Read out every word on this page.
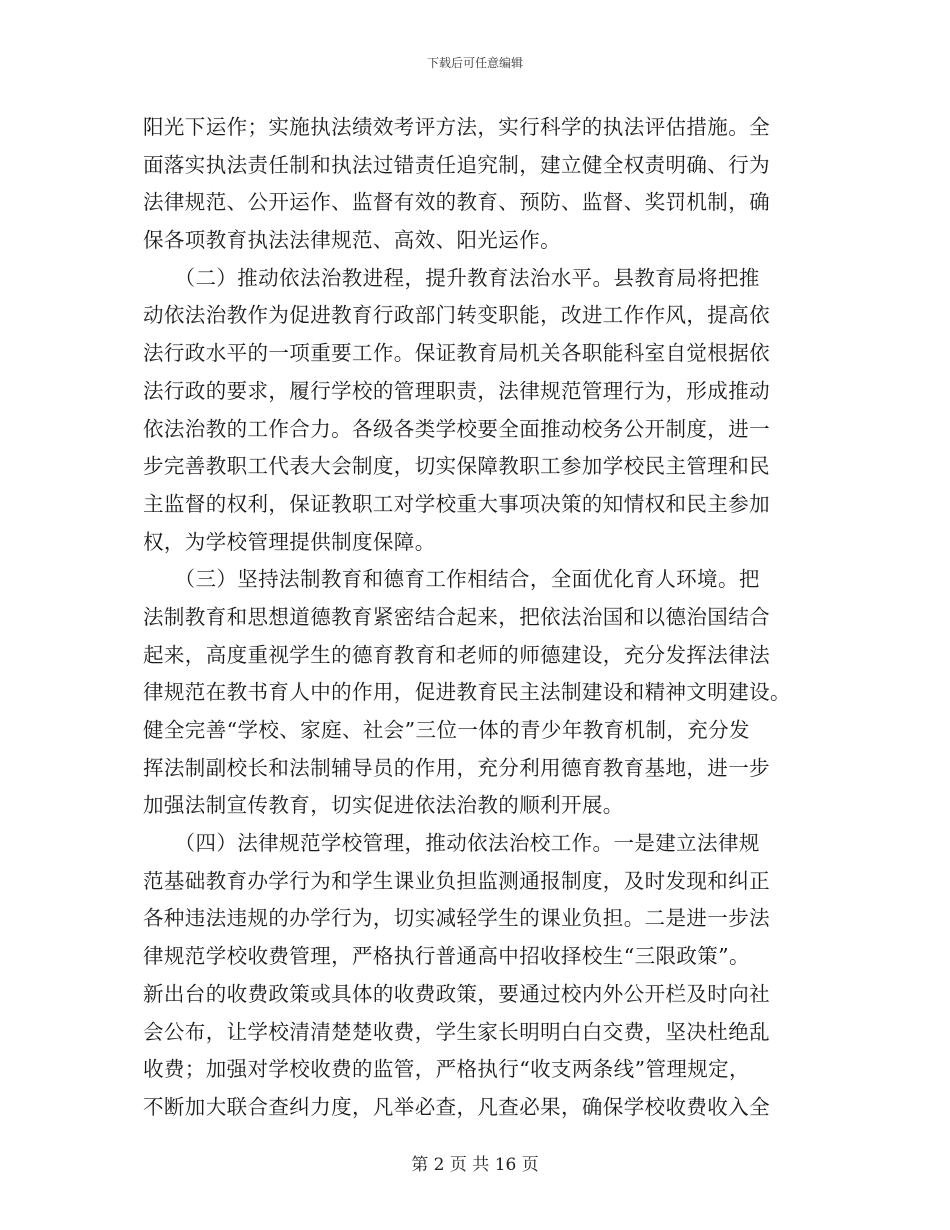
下载后可任意编辑
阳光下运作；实施执法绩效考评方法，实行科学的执法评估措施。全
面落实执法责任制和执法过错责任追究制，建立健全权责明确、行为
法律规范、公开运作、监督有效的教育、预防、监督、奖罚机制，确
保各项教育执法法律规范、高效、阳光运作。
　　（二）推动依法治教进程，提升教育法治水平。县教育局将把推
动依法治教作为促进教育行政部门转变职能，改进工作作风，提高依
法行政水平的一项重要工作。保证教育局机关各职能科室自觉根据依
法行政的要求，履行学校的管理职责，法律规范管理行为，形成推动
依法治教的工作合力。各级各类学校要全面推动校务公开制度，进一
步完善教职工代表大会制度，切实保障教职工参加学校民主管理和民
主监督的权利，保证教职工对学校重大事项决策的知情权和民主参加
权，为学校管理提供制度保障。
　　（三）坚持法制教育和德育工作相结合，全面优化育人环境。把
法制教育和思想道德教育紧密结合起来，把依法治国和以德治国结合
起来，高度重视学生的德育教育和老师的师德建设，充分发挥法律法
律规范在教书育人中的作用，促进教育民主法制建设和精神文明建设。
健全完善“学校、家庭、社会”三位一体的青少年教育机制，充分发
挥法制副校长和法制辅导员的作用，充分利用德育教育基地，进一步
加强法制宣传教育，切实促进依法治教的顺利开展。
　　（四）法律规范学校管理，推动依法治校工作。一是建立法律规
范基础教育办学行为和学生课业负担监测通报制度，及时发现和纠正
各种违法违规的办学行为，切实减轻学生的课业负担。二是进一步法
律规范学校收费管理，严格执行普通高中招收择校生“三限政策”。
新出台的收费政策或具体的收费政策，要通过校内外公开栏及时向社
会公布，让学校清清楚楚收费，学生家长明明白白交费，坚决杜绝乱
收费；加强对学校收费的监管，严格执行“收支两条线”管理规定，
不断加大联合查纠力度，凡举必查，凡查必果，确保学校收费收入全
第 2 页 共 16 页
